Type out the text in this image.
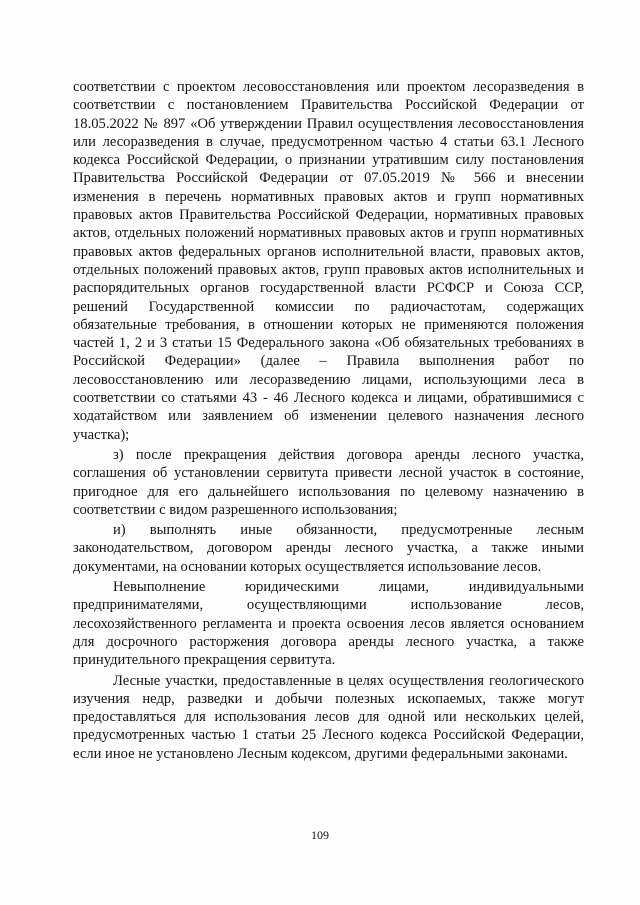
соответствии с проектом лесовосстановления или проектом лесоразведения в соответствии с постановлением Правительства Российской Федерации от 18.05.2022 № 897 «Об утверждении Правил осуществления лесовосстановления или лесоразведения в случае, предусмотренном частью 4 статьи 63.1 Лесного кодекса Российской Федерации, о признании утратившим силу постановления Правительства Российской Федерации от 07.05.2019 № 566 и внесении изменения в перечень нормативных правовых актов и групп нормативных правовых актов Правительства Российской Федерации, нормативных правовых актов, отдельных положений нормативных правовых актов и групп нормативных правовых актов федеральных органов исполнительной власти, правовых актов, отдельных положений правовых актов, групп правовых актов исполнительных и распорядительных органов государственной власти РСФСР и Союза ССР, решений Государственной комиссии по радиочастотам, содержащих обязательные требования, в отношении которых не применяются положения частей 1, 2 и 3 статьи 15 Федерального закона «Об обязательных требованиях в Российской Федерации» (далее – Правила выполнения работ по лесовосстановлению или лесоразведению лицами, использующими леса в соответствии со статьями 43 - 46 Лесного кодекса и лицами, обратившимися с ходатайством или заявлением об изменении целевого назначения лесного участка);

з) после прекращения действия договора аренды лесного участка, соглашения об установлении сервитута привести лесной участок в состояние, пригодное для его дальнейшего использования по целевому назначению в соответствии с видом разрешенного использования;

и) выполнять иные обязанности, предусмотренные лесным законодательством, договором аренды лесного участка, а также иными документами, на основании которых осуществляется использование лесов.

Невыполнение юридическими лицами, индивидуальными предпринимателями, осуществляющими использование лесов, лесохозяйственного регламента и проекта освоения лесов является основанием для досрочного расторжения договора аренды лесного участка, а также принудительного прекращения сервитута.

Лесные участки, предоставленные в целях осуществления геологического изучения недр, разведки и добычи полезных ископаемых, также могут предоставляться для использования лесов для одной или нескольких целей, предусмотренных частью 1 статьи 25 Лесного кодекса Российской Федерации, если иное не установлено Лесным кодексом, другими федеральными законами.

109
